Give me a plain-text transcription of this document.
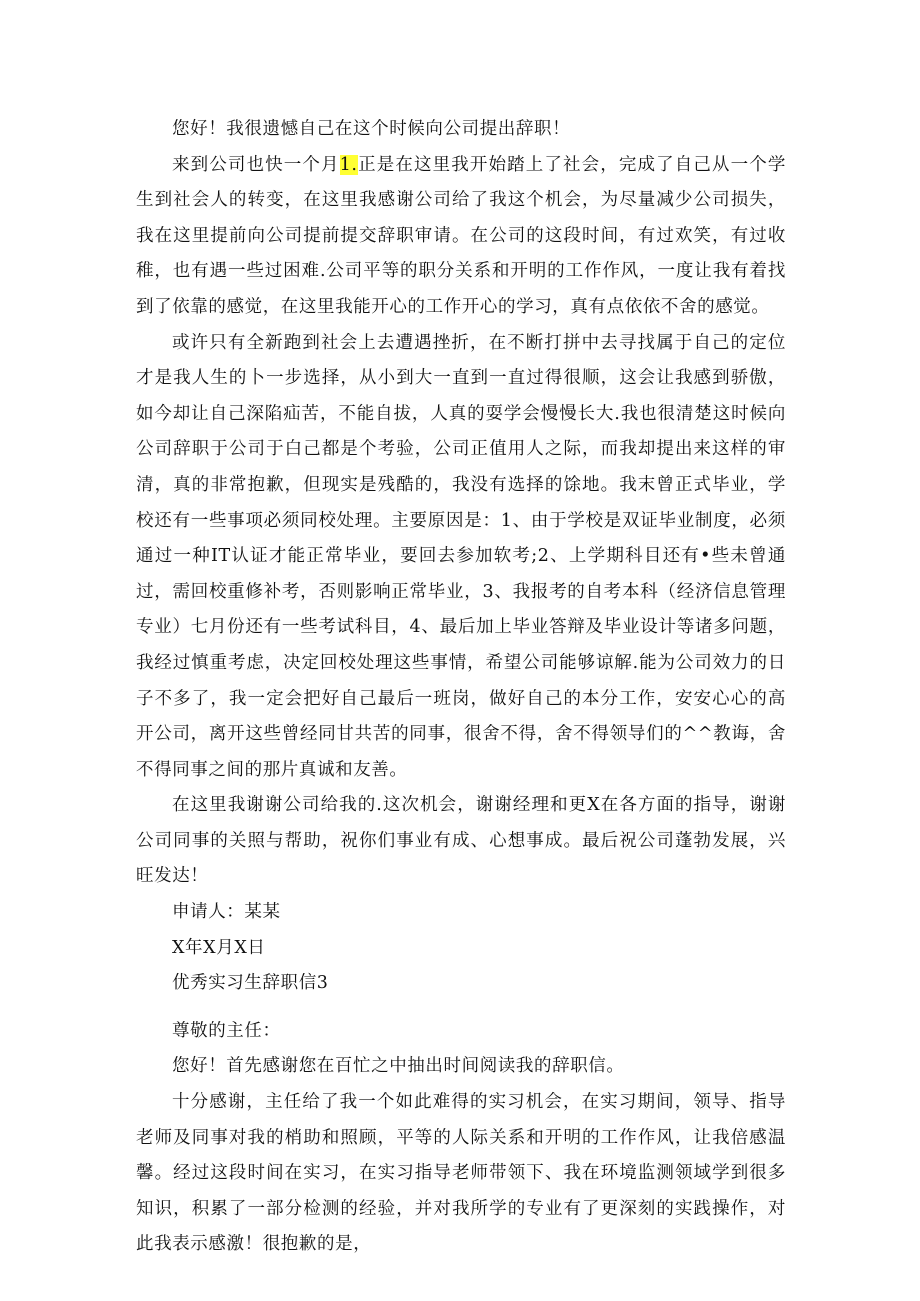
您好！我很遗憾自己在这个时候向公司提出辞职！

来到公司也快一个月1.正是在这里我开始踏上了社会，完成了自己从一个学生到社会人的转变，在这里我感谢公司给了我这个机会，为尽量减少公司损失，我在这里提前向公司提前提交辞职审请。在公司的这段时间，有过欢笑，有过收稚，也有遇一些过困难.公司平等的职分关系和开明的工作作风，一度让我有着找到了依靠的感觉，在这里我能开心的工作开心的学习，真有点依依不舍的感觉。

或许只有全新跑到社会上去遭遇挫折，在不断打拼中去寻找属于自己的定位才是我人生的卜一步选择，从小到大一直到一直过得很顺，这会让我感到骄傲，如今却让自己深陷疝苦，不能自拔，人真的耍学会慢慢长大.我也很清楚这时候向公司辞职于公司于白己都是个考验，公司正值用人之际，而我却提出来这样的审清，真的非常抱歉，但现实是残酷的，我没有选择的馀地。我末曾正式毕业，学校还有一些事项必须同校处理。主要原因是：1、由于学校是双证毕业制度，必须通过一种IT认证才能正常毕业，要回去参加软考;2、上学期科目还有•些未曾通过，需回校重修补考，否则影响正常毕业，3、我报考的自考本科（经济信息管理专业）七月份还有一些考试科目，4、最后加上毕业答辩及毕业设计等诸多问题，我经过慎重考虑，决定回校处理这些事情，希望公司能够谅解.能为公司效力的日子不多了，我一定会把好自己最后一班岗，做好自己的本分工作，安安心心的高开公司，离开这些曾经同甘共苦的同事，很舍不得，舍不得领导们的^^教诲，舍不得同事之间的那片真诚和友善。

在这里我谢谢公司给我的.这次机会，谢谢经理和更X在各方面的指导，谢谢公司同事的关照与帮助，祝你们事业有成、心想事成。最后祝公司蓬勃发展，兴旺发达！

申请人：某某

X年X月X日

优秀实习生辞职信3

尊敬的主任：

您好！首先感谢您在百忙之中抽出时间阅读我的辞职信。

十分感谢，主任给了我一个如此难得的实习机会，在实习期间，领导、指导老师及同事对我的梢助和照顾，平等的人际关系和开明的工作作风，让我倍感温馨。经过这段时间在实习，在实习指导老师带领下、我在环境监测领域学到很多知识，积累了一部分检测的经验，并对我所学的专业有了更深刻的实践操作，对此我表示感激！很抱歉的是，
